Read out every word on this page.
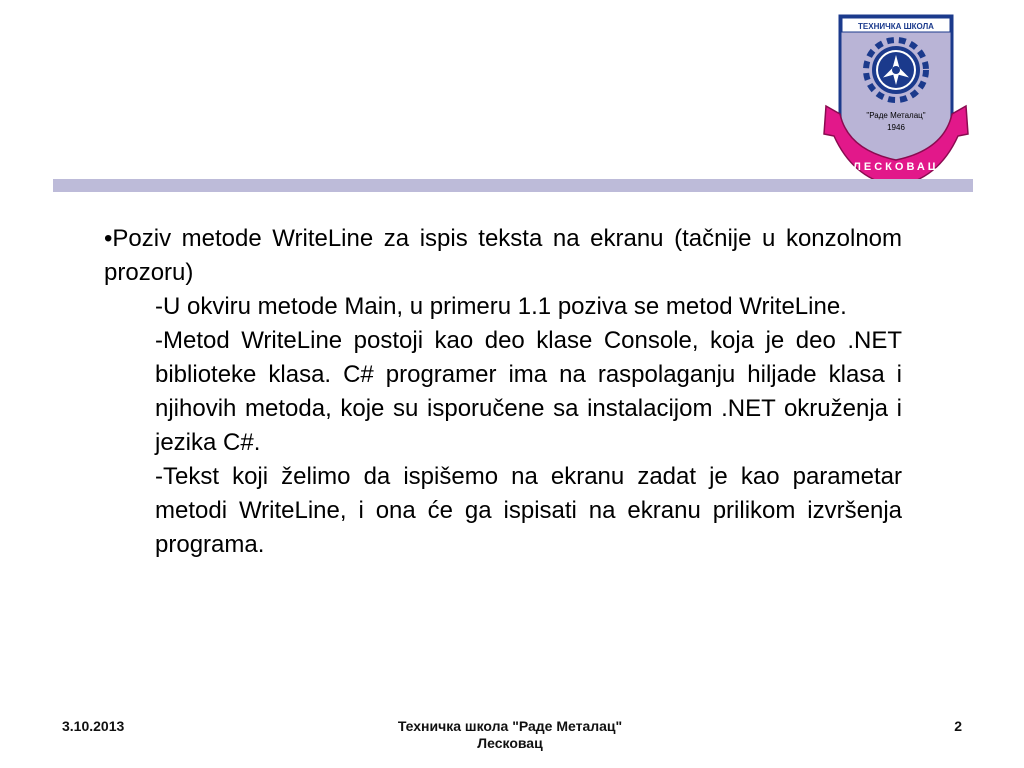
ТЕХНИЧКА ШКОЛА
"Раде Металац"
1946
ЛЕСКОВАЦ

•Poziv metode WriteLine za ispis teksta na ekranu (tačnije u konzolnom prozoru)

-U okviru metode Main, u primeru 1.1 poziva se metod WriteLine.

-Metod WriteLine postoji kao deo klase Console, koja je deo .NET biblioteke klasa. C# programer ima na raspolaganju hiljade klasa i njihovih metoda, koje su isporučene sa instalacijom .NET okruženja i jezika C#.

-Tekst koji želimo da ispišemo na ekranu zadat je kao parametar metodi WriteLine, i ona će ga ispisati na ekranu prilikom izvršenja programa.

3.10.2013	Техничка школа "Раде Металац"
Лесковац
2
